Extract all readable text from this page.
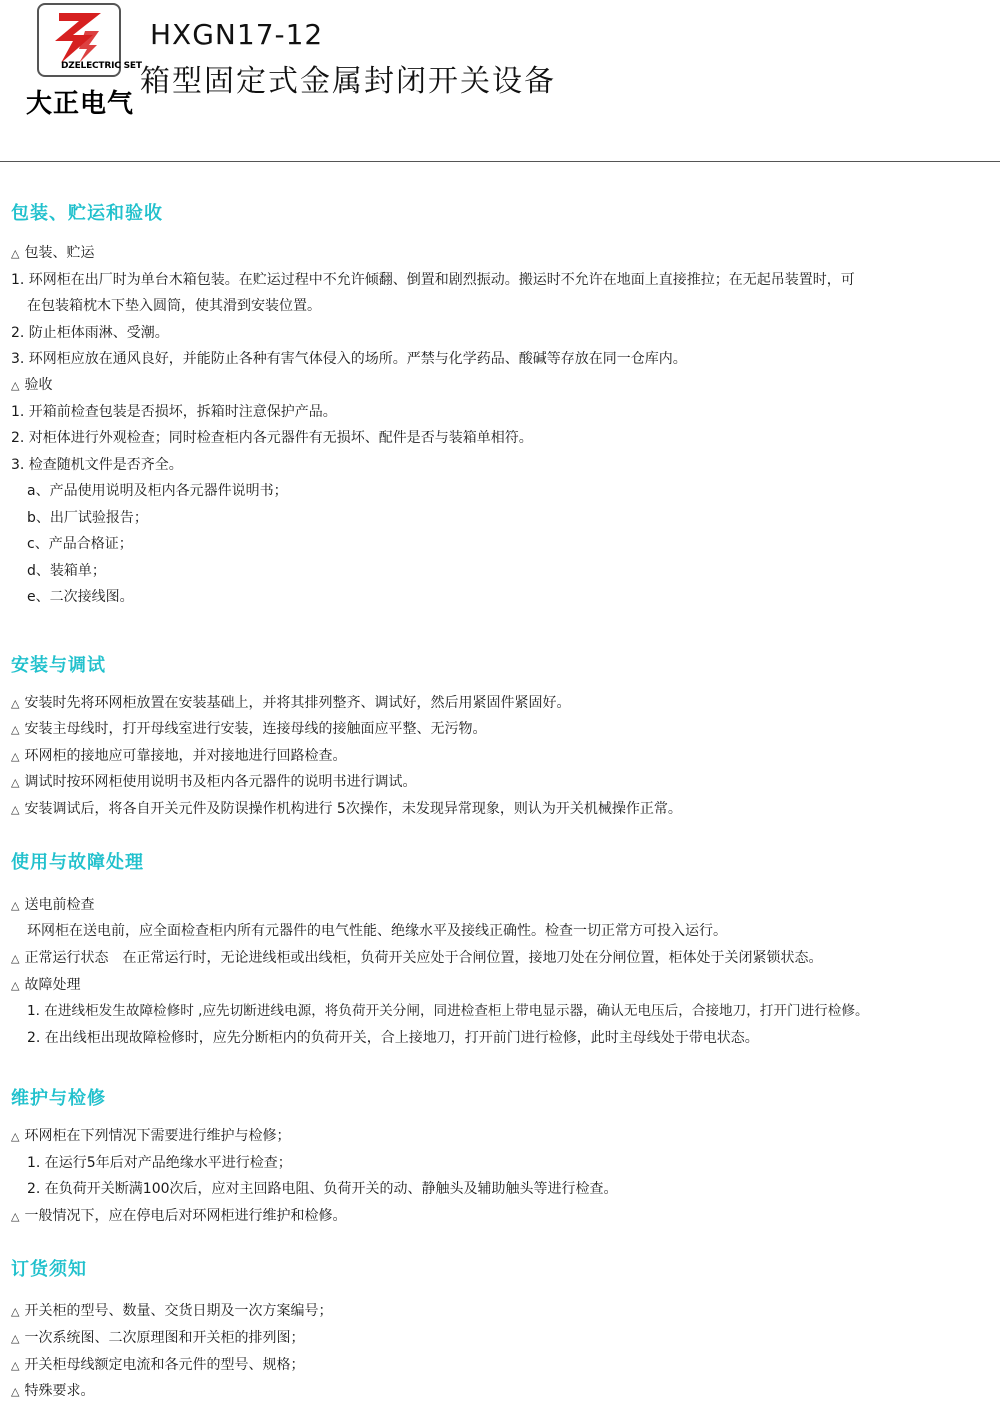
DZELECTRIC SET
大正电气
HXGN17-12
箱型固定式金属封闭开关设备
包装、贮运和验收
△ 包装、贮运
1. 环网柜在出厂时为单台木箱包装。在贮运过程中不允许倾翻、倒置和剧烈振动。搬运时不允许在地面上直接推拉；在无起吊装置时，可
在包装箱枕木下垫入圆筒，使其滑到安装位置。
2. 防止柜体雨淋、受潮。
3. 环网柜应放在通风良好，并能防止各种有害气体侵入的场所。严禁与化学药品、酸碱等存放在同一仓库内。
△ 验收
1. 开箱前检查包装是否损坏，拆箱时注意保护产品。
2. 对柜体进行外观检查；同时检查柜内各元器件有无损坏、配件是否与装箱单相符。
3. 检查随机文件是否齐全。
a、产品使用说明及柜内各元器件说明书；
b、出厂试验报告；
c、产品合格证；
d、装箱单；
e、二次接线图。
安装与调试
△ 安装时先将环网柜放置在安装基础上，并将其排列整齐、调试好，然后用紧固件紧固好。
△ 安装主母线时，打开母线室进行安装，连接母线的接触面应平整、无污物。
△ 环网柜的接地应可靠接地，并对接地进行回路检查。
△ 调试时按环网柜使用说明书及柜内各元器件的说明书进行调试。
△ 安装调试后，将各自开关元件及防误操作机构进行 5次操作，未发现异常现象，则认为开关机械操作正常。
使用与故障处理
△ 送电前检查
环网柜在送电前，应全面检查柜内所有元器件的电气性能、绝缘水平及接线正确性。检查一切正常方可投入运行。
△ 正常运行状态　在正常运行时，无论进线柜或出线柜，负荷开关应处于合闸位置，接地刀处在分闸位置，柜体处于关闭紧锁状态。
△ 故障处理
1. 在进线柜发生故障检修时 ,应先切断进线电源，将负荷开关分闸，同进检查柜上带电显示器，确认无电压后，合接地刀，打开门进行检修。
2. 在出线柜出现故障检修时，应先分断柜内的负荷开关，合上接地刀，打开前门进行检修，此时主母线处于带电状态。
维护与检修
△ 环网柜在下列情况下需要进行维护与检修；
1. 在运行5年后对产品绝缘水平进行检查；
2. 在负荷开关断满100次后，应对主回路电阻、负荷开关的动、静触头及辅助触头等进行检查。
△ 一般情况下，应在停电后对环网柜进行维护和检修。
订货须知
△ 开关柜的型号、数量、交货日期及一次方案编号；
△ 一次系统图、二次原理图和开关柜的排列图；
△ 开关柜母线额定电流和各元件的型号、规格；
△ 特殊要求。
